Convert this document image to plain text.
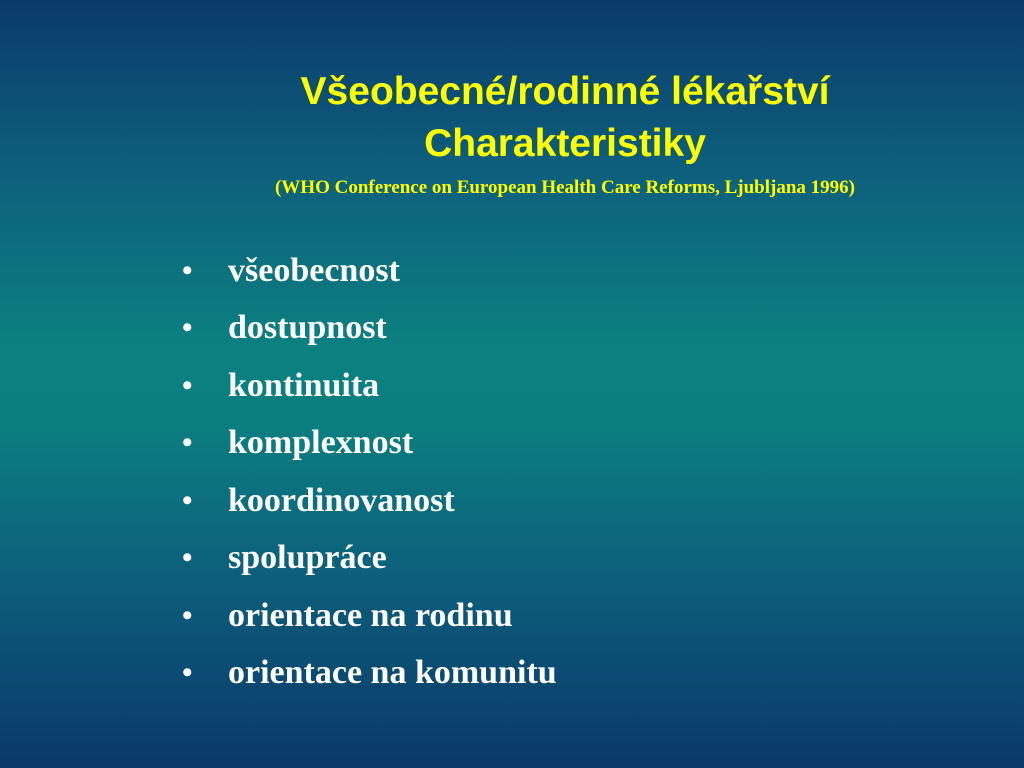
Všeobecné/rodinné lékařství
Charakteristiky
(WHO Conference on European Health Care Reforms, Ljubljana 1996)
•	všeobecnost
•	dostupnost
•	kontinuita
•	komplexnost
•	koordinovanost
•	spolupráce
•	orientace na rodinu
•	orientace na komunitu
